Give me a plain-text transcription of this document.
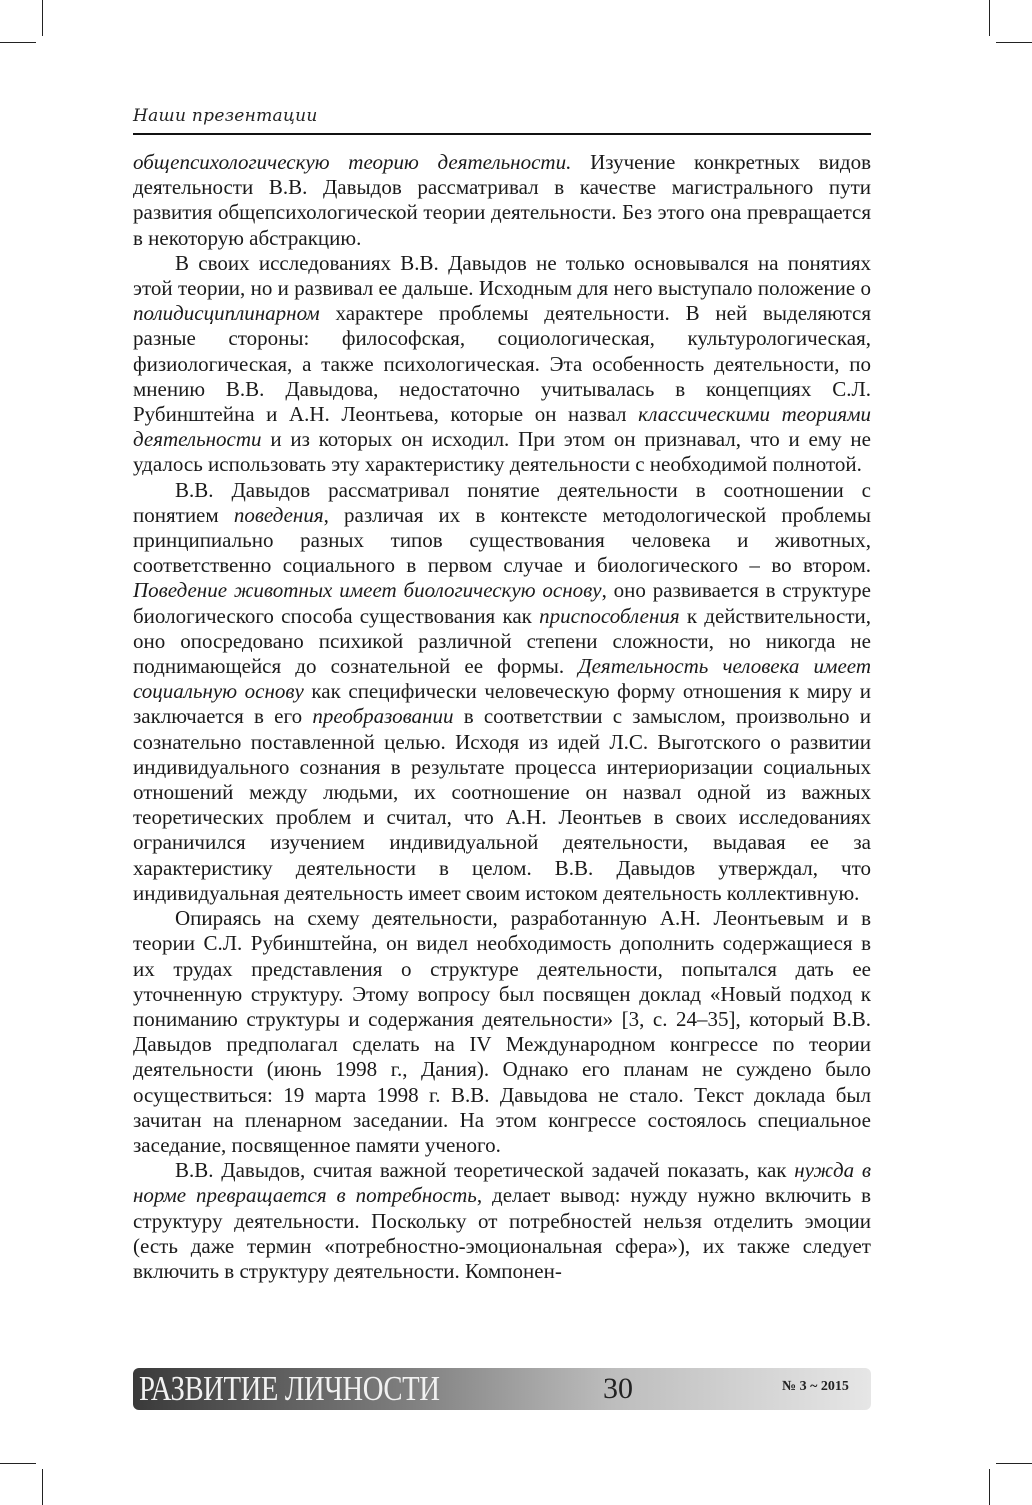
Наши презентации

общепсихологическую теорию деятельности. Изучение конкретных видов деятельности В.В. Давыдов рассматривал в качестве магистрального пути развития общепсихологической теории деятельности. Без этого она превращается в некоторую абстракцию.

В своих исследованиях В.В. Давыдов не только основывался на понятиях этой теории, но и развивал ее дальше. Исходным для него выступало положение о полидисциплинарном характере проблемы деятельности. В ней выделяются разные стороны: философская, социологическая, культурологическая, физиологическая, а также психологическая. Эта особенность деятельности, по мнению В.В. Давыдова, недостаточно учитывалась в концепциях С.Л. Рубинштейна и А.Н. Леонтьева, которые он назвал классическими теориями деятельности и из которых он исходил. При этом он признавал, что и ему не удалось использовать эту характеристику деятельности с необходимой полнотой.

В.В. Давыдов рассматривал понятие деятельности в соотношении с понятием поведения, различая их в контексте методологической проблемы принципиально разных типов существования человека и животных, соответственно социального в первом случае и биологического – во втором. Поведение животных имеет биологическую основу, оно развивается в структуре биологического способа существования как приспособления к действительности, оно опосредовано психикой различной степени сложности, но никогда не поднимающейся до сознательной ее формы. Деятельность человека имеет социальную основу как специфически человеческую форму отношения к миру и заключается в его преобразовании в соответствии с замыслом, произвольно и сознательно поставленной целью. Исходя из идей Л.С. Выготского о развитии индивидуального сознания в результате процесса интериоризации социальных отношений между людьми, их соотношение он назвал одной из важных теоретических проблем и считал, что А.Н. Леонтьев в своих исследованиях ограничился изучением индивидуальной деятельности, выдавая ее за характеристику деятельности в целом. В.В. Давыдов утверждал, что индивидуальная деятельность имеет своим истоком деятельность коллективную.

Опираясь на схему деятельности, разработанную А.Н. Леонтьевым и в теории С.Л. Рубинштейна, он видел необходимость дополнить содержащиеся в их трудах представления о структуре деятельности, попытался дать ее уточненную структуру. Этому вопросу был посвящен доклад «Новый подход к пониманию структуры и содержания деятельности» [3, с. 24–35], который В.В. Давыдов предполагал сделать на IV Международном конгрессе по теории деятельности (июнь 1998 г., Дания). Однако его планам не суждено было осуществиться: 19 марта 1998 г. В.В. Давыдова не стало. Текст доклада был зачитан на пленарном заседании. На этом конгрессе состоялось специальное заседание, посвященное памяти ученого.

В.В. Давыдов, считая важной теоретической задачей показать, как нужда в норме превращается в потребность, делает вывод: нужду нужно включить в структуру деятельности. Поскольку от потребностей нельзя отделить эмоции (есть даже термин «потребностно-эмоциональная сфера»), их также следует включить в структуру деятельности. Компонен-

РАЗВИТИЕ ЛИЧНОСТИ	30	№ 3 ~ 2015
